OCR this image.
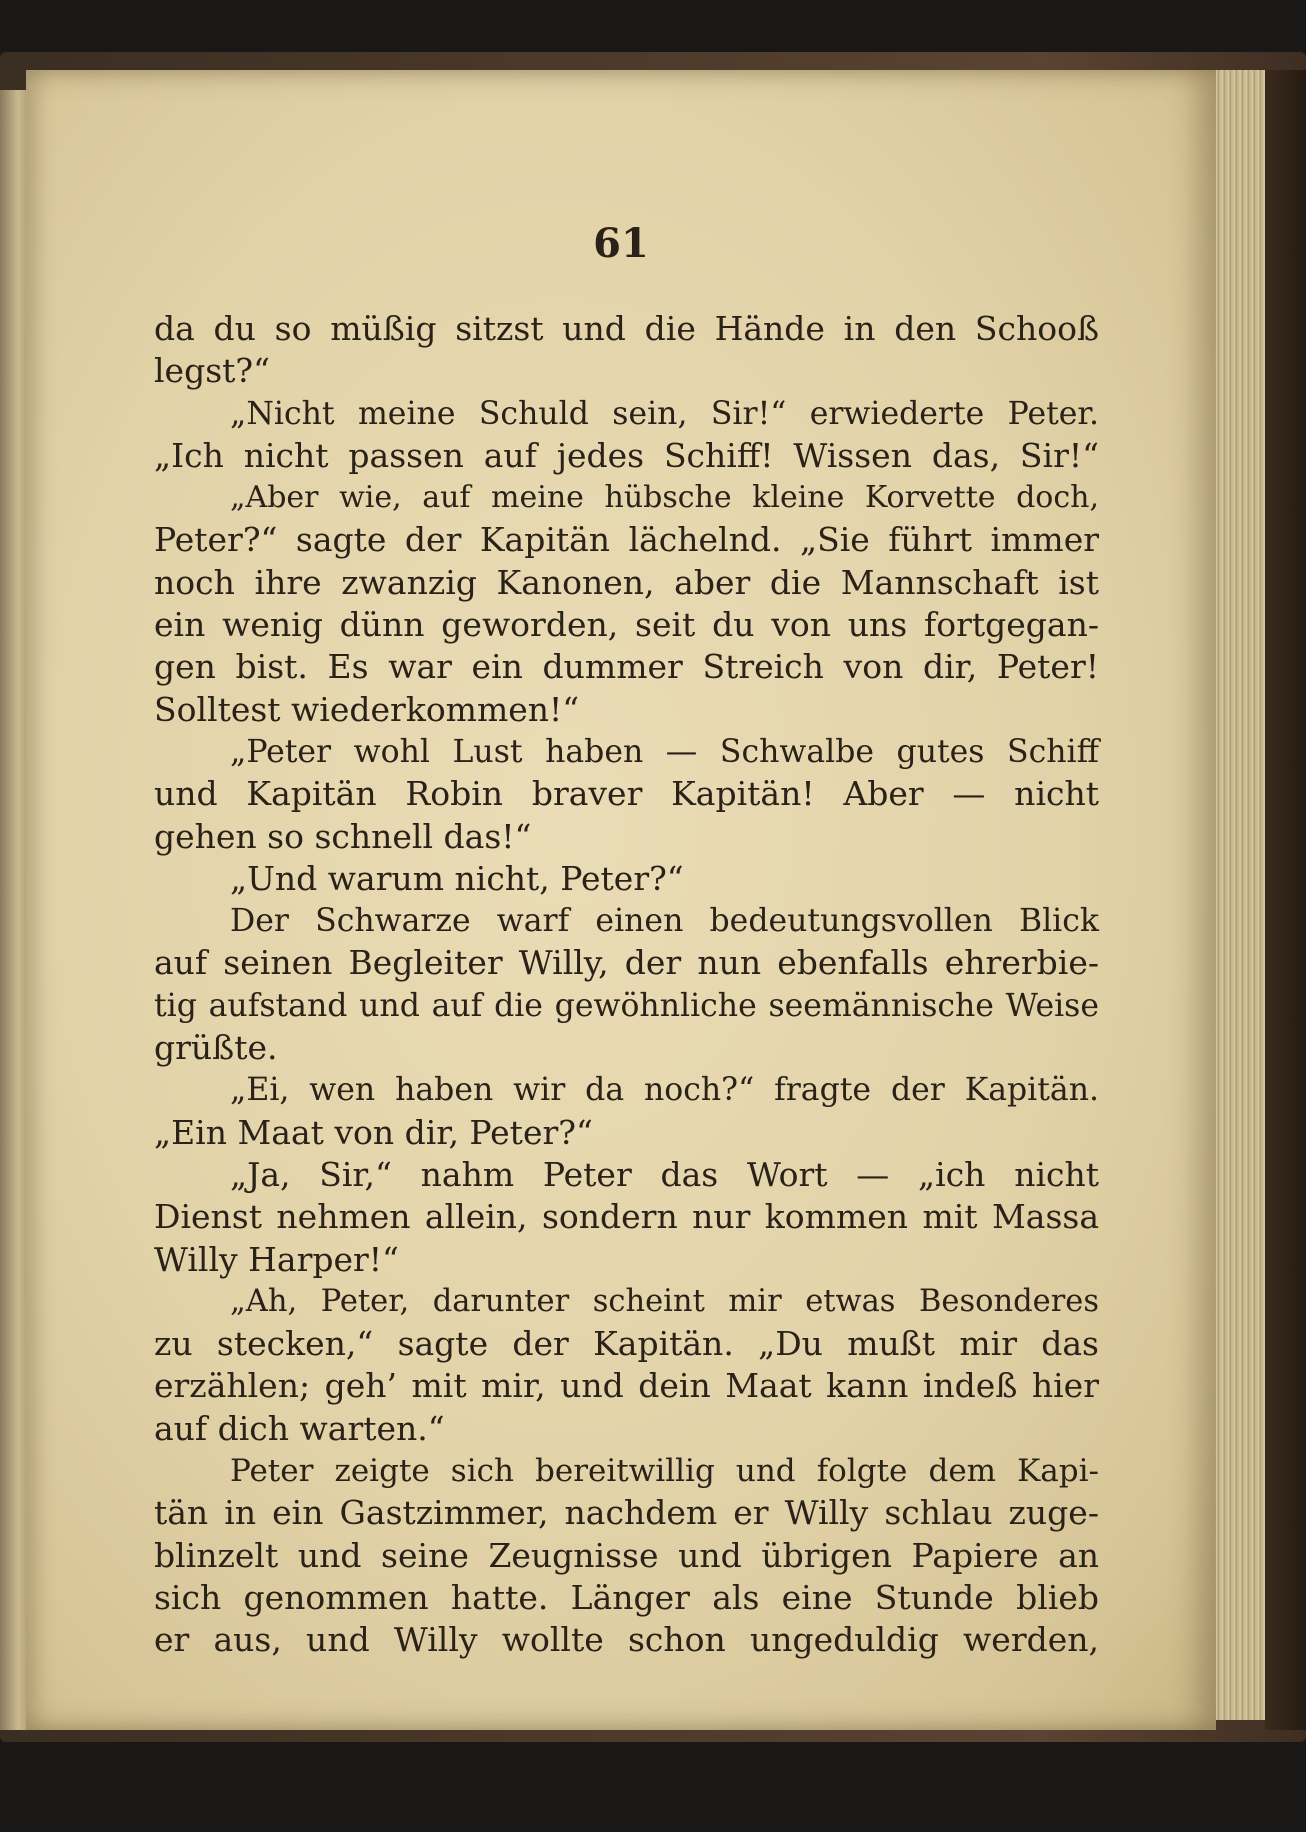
61
da du so müßig sitzst und die Hände in den Schooß
legst?“
„Nicht meine Schuld sein, Sir!“ erwiederte Peter.
„Ich nicht passen auf jedes Schiff! Wissen das, Sir!“
„Aber wie, auf meine hübsche kleine Korvette doch,
Peter?“ sagte der Kapitän lächelnd. „Sie führt immer
noch ihre zwanzig Kanonen, aber die Mannschaft ist
ein wenig dünn geworden, seit du von uns fortgegan-
gen bist. Es war ein dummer Streich von dir, Peter!
Solltest wiederkommen!“
„Peter wohl Lust haben — Schwalbe gutes Schiff
und Kapitän Robin braver Kapitän! Aber — nicht
gehen so schnell das!“
„Und warum nicht, Peter?“
Der Schwarze warf einen bedeutungsvollen Blick
auf seinen Begleiter Willy, der nun ebenfalls ehrerbie-
tig aufstand und auf die gewöhnliche seemännische Weise
grüßte.
„Ei, wen haben wir da noch?“ fragte der Kapitän.
„Ein Maat von dir, Peter?“
„Ja, Sir,“ nahm Peter das Wort — „ich nicht
Dienst nehmen allein, sondern nur kommen mit Massa
Willy Harper!“
„Ah, Peter, darunter scheint mir etwas Besonderes
zu stecken,“ sagte der Kapitän. „Du mußt mir das
erzählen; geh’ mit mir, und dein Maat kann indeß hier
auf dich warten.“
Peter zeigte sich bereitwillig und folgte dem Kapi-
tän in ein Gastzimmer, nachdem er Willy schlau zuge-
blinzelt und seine Zeugnisse und übrigen Papiere an
sich genommen hatte. Länger als eine Stunde blieb
er aus, und Willy wollte schon ungeduldig werden,
